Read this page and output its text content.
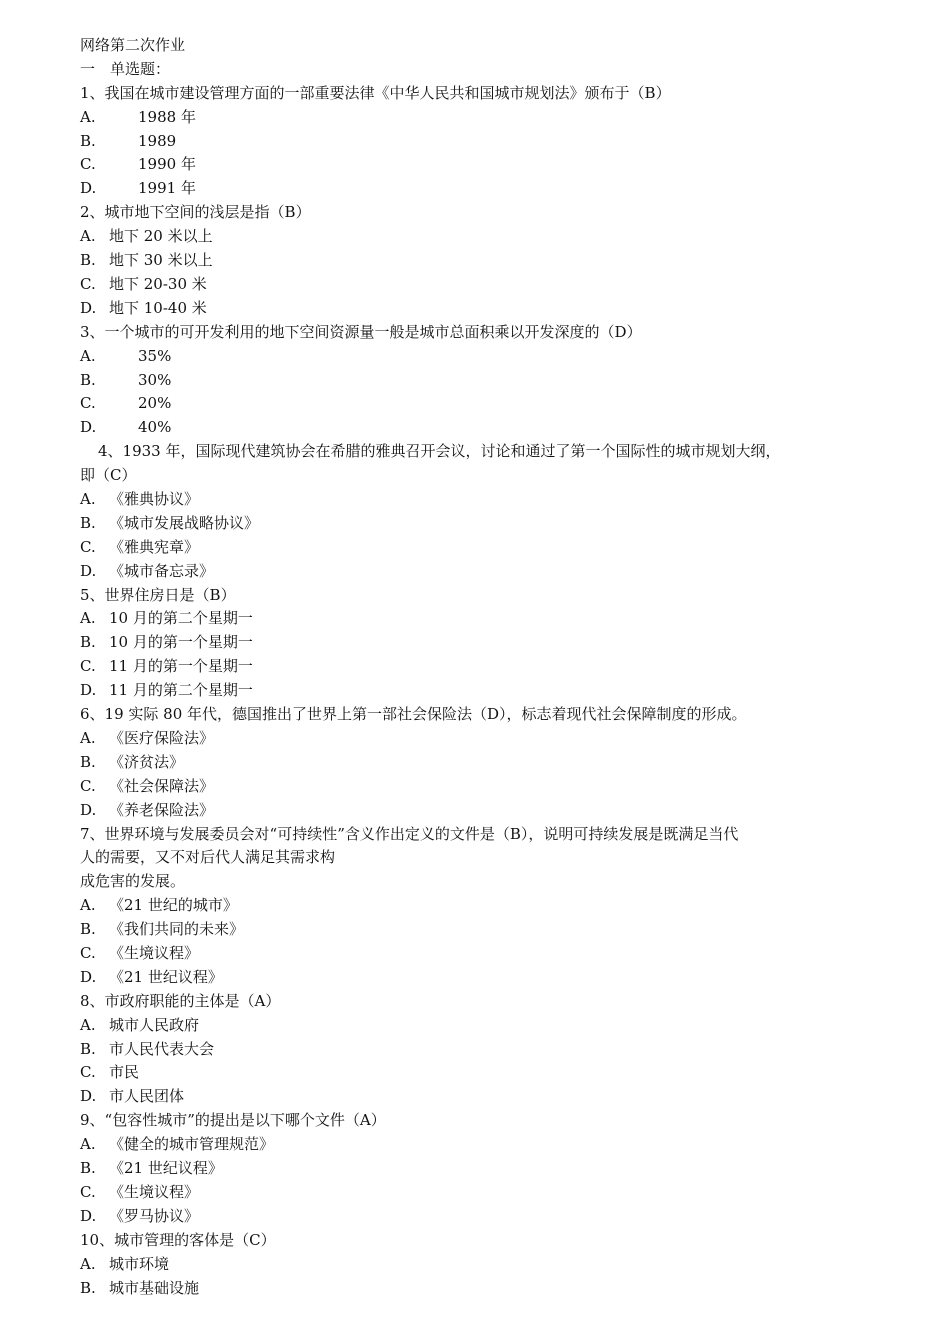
网络第二次作业
一　单选题：
1、我国在城市建设管理方面的一部重要法律《中华人民共和国城市规划法》颁布于（B）
A.	1988 年
B.	1989
C.	1990 年
D.	1991 年
2、城市地下空间的浅层是指（B）
A. 地下 20 米以上
B. 地下 30 米以上
C. 地下 20-30 米
D. 地下 10-40 米
3、一个城市的可开发利用的地下空间资源量一般是城市总面积乘以开发深度的（D）
A.	35%
B.	30%
C.	20%
D.	40%
4、1933 年，国际现代建筑协会在希腊的雅典召开会议，讨论和通过了第一个国际性的城市规划大纲，
即（C）
A. 《雅典协议》
B. 《城市发展战略协议》
C. 《雅典宪章》
D. 《城市备忘录》
5、世界住房日是（B）
A. 10 月的第二个星期一
B. 10 月的第一个星期一
C. 11 月的第一个星期一
D. 11 月的第二个星期一
6、19 实际 80 年代，德国推出了世界上第一部社会保险法（D），标志着现代社会保障制度的形成。
A. 《医疗保险法》
B. 《济贫法》
C. 《社会保障法》
D. 《养老保险法》
7、世界环境与发展委员会对“可持续性”含义作出定义的文件是（B），说明可持续发展是既满足当代
人的需要，又不对后代人满足其需求构
成危害的发展。
A. 《21 世纪的城市》
B. 《我们共同的未来》
C. 《生境议程》
D. 《21 世纪议程》
8、市政府职能的主体是（A）
A. 城市人民政府
B. 市人民代表大会
C. 市民
D. 市人民团体
9、“包容性城市”的提出是以下哪个文件（A）
A. 《健全的城市管理规范》
B. 《21 世纪议程》
C. 《生境议程》
D. 《罗马协议》
10、城市管理的客体是（C）
A. 城市环境
B. 城市基础设施
